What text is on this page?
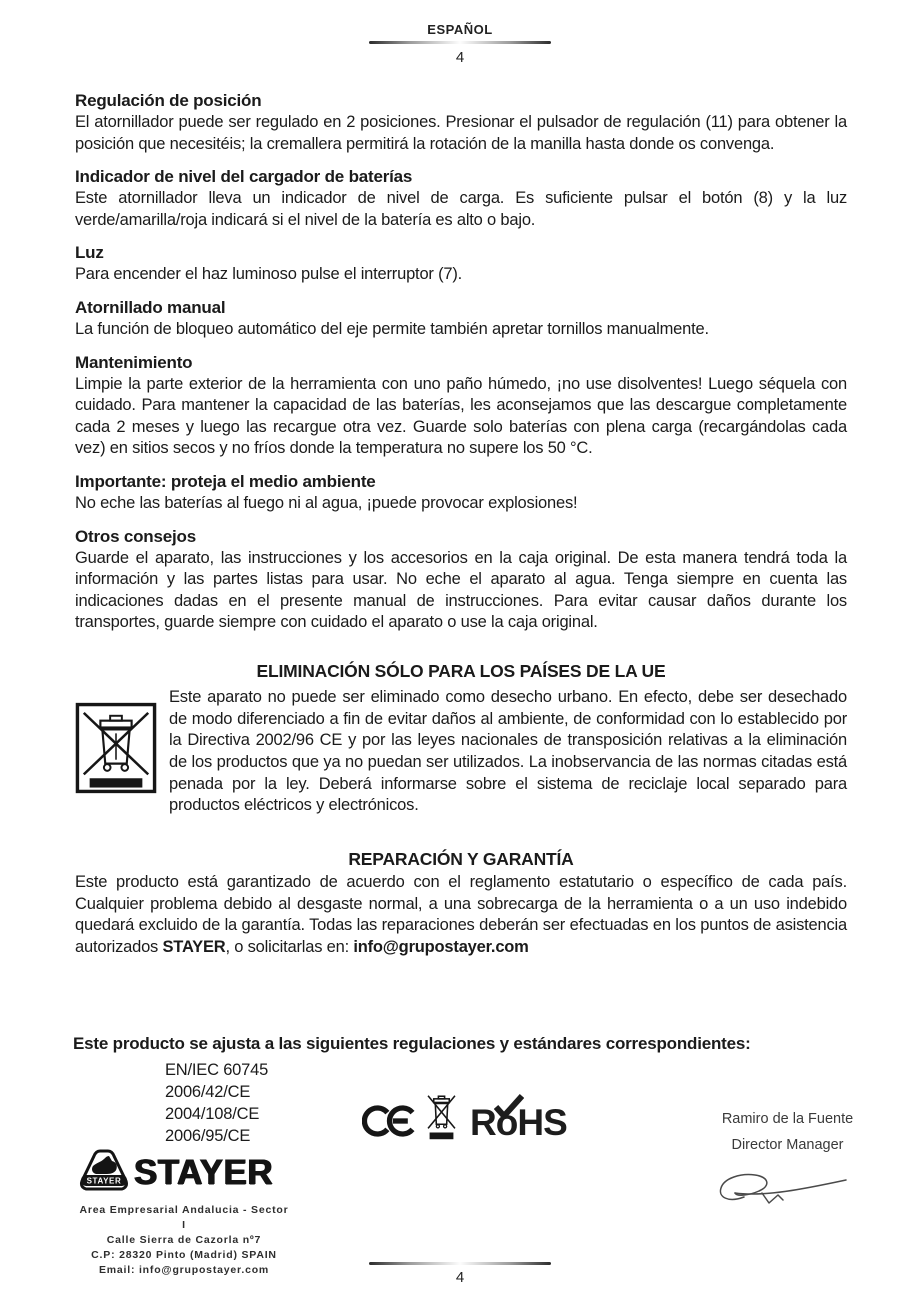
ESPAÑOL
4
Regulación de posición

El atornillador puede ser regulado en 2 posiciones. Presionar el pulsador de regulación (11) para obtener la posición que necesitéis; la cremallera permitirá la rotación de la manilla hasta donde os convenga.

Indicador de nivel del cargador de baterías

Este atornillador lleva un indicador de nivel de carga. Es suficiente pulsar el botón (8) y la luz verde/amarilla/roja indicará si el nivel de la batería es alto o bajo.

Luz

Para encender el haz luminoso pulse el interruptor (7).

Atornillado manual

La función de bloqueo automático del eje permite también apretar tornillos manualmente.

Mantenimiento

Limpie la parte exterior de la herramienta con uno paño húmedo, ¡no use disolventes! Luego séquela con cuidado. Para mantener la capacidad de las baterías, les aconsejamos que las descargue completamente cada 2 meses y luego las recargue otra vez. Guarde solo baterías con plena carga (recargándolas cada vez) en sitios secos y no fríos donde la temperatura no supere los 50 °C.

Importante: proteja el medio ambiente

No eche las baterías al fuego ni al agua, ¡puede provocar explosiones!

Otros consejos

Guarde el aparato, las instrucciones y los accesorios en la caja original. De esta manera tendrá toda la información y las partes listas para usar. No eche el aparato al agua. Tenga siempre en cuenta las indicaciones dadas en el presente manual de instrucciones. Para evitar causar daños durante los transportes, guarde siempre con cuidado el aparato o use la caja original.

ELIMINACIÓN SÓLO PARA LOS PAÍSES DE LA UE
Este aparato no puede ser eliminado como desecho urbano. En efecto, debe ser desechado de modo diferenciado a fin de evitar daños al ambiente, de conformidad con lo establecido por la Directiva 2002/96 CE y por las leyes nacionales de transposición relativas a la eliminación de los productos que ya no puedan ser utilizados. La inobservancia de las normas citadas está penada por la ley. Deberá informarse sobre el sistema de reciclaje local separado para productos eléctricos y electrónicos.
REPARACIÓN Y GARANTÍA

Este producto está garantizado de acuerdo con el reglamento estatutario o específico de cada país. Cualquier problema debido al desgaste normal, a una sobrecarga de la herramienta o a un uso indebido quedará excluido de la garantía. Todas las reparaciones deberán ser efectuadas en los puntos de asistencia autorizados STAYER, o solicitarlas en: info@grupostayer.com

Este producto se ajusta a las siguientes regulaciones y estándares correspondientes:
EN/IEC 60745
2006/42/CE
2004/108/CE
2006/95/CE	R
oHS	Ramiro de la Fuente
Director Manager
STAYER STAYER
Area Empresarial Andalucia - Sector I
Calle Sierra de Cazorla nº7
C.P: 28320 Pinto (Madrid) SPAIN
Email: info@grupostayer.com	4
